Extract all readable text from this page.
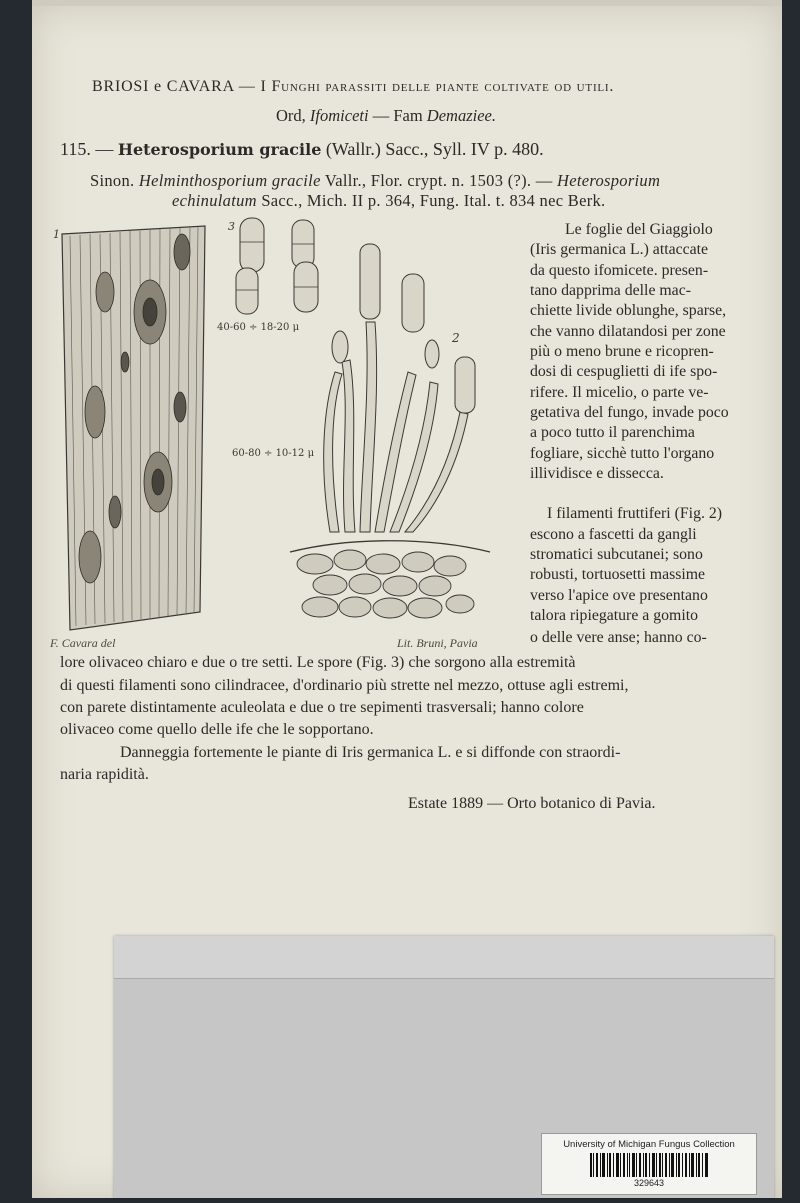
BRIOSI e CAVARA — I Funghi parassiti delle piante coltivate od utili.
Ord, Ifomiceti — Fam Demaziee.
115. — Heterosporium gracile (Wallr.) Sacc., Syll. IV p. 480.
Sinon. Helminthosporium gracile Vallr., Flor. crypt. n. 1503 (?). — Heterosporium
echinulatum Sacc., Mich. II p. 364, Fung. Ital. t. 834 nec Berk.
1
3
2
40-60 ÷ 18-20 μ
60-80 ÷ 10-12 μ
F. Cavara del	Lit. Bruni, Pavia
Le foglie del Giaggiolo
(Iris germanica L.) attaccate
da questo ifomicete. presen-
tano dapprima delle mac-
chiette livide oblunghe, sparse,
che vanno dilatandosi per zone
più o meno brune e ricopren-
dosi di cespuglietti di ife spo-
rifere. Il micelio, o parte ve-
getativa del fungo, invade poco
a poco tutto il parenchima
fogliare, sicchè tutto l'organo
illividisce e dissecca.
I filamenti fruttiferi (Fig. 2)
escono a fascetti da gangli
stromatici subcutanei; sono
robusti, tortuosetti massime
verso l'apice ove presentano
talora ripiegature a gomito
o delle vere anse; hanno co-
lore olivaceo chiaro e due o tre setti. Le spore (Fig. 3) che sorgono alla estremità
di questi filamenti sono cilindracee, d'ordinario più strette nel mezzo, ottuse agli estremi,
con parete distintamente aculeolata e due o tre sepimenti trasversali; hanno colore
olivaceo come quello delle ife che le sopportano.
Danneggia fortemente le piante di Iris germanica L. e si diffonde con straordi-
naria rapidità.
Estate 1889 — Orto botanico di Pavia.
University of Michigan Fungus Collection
329643
